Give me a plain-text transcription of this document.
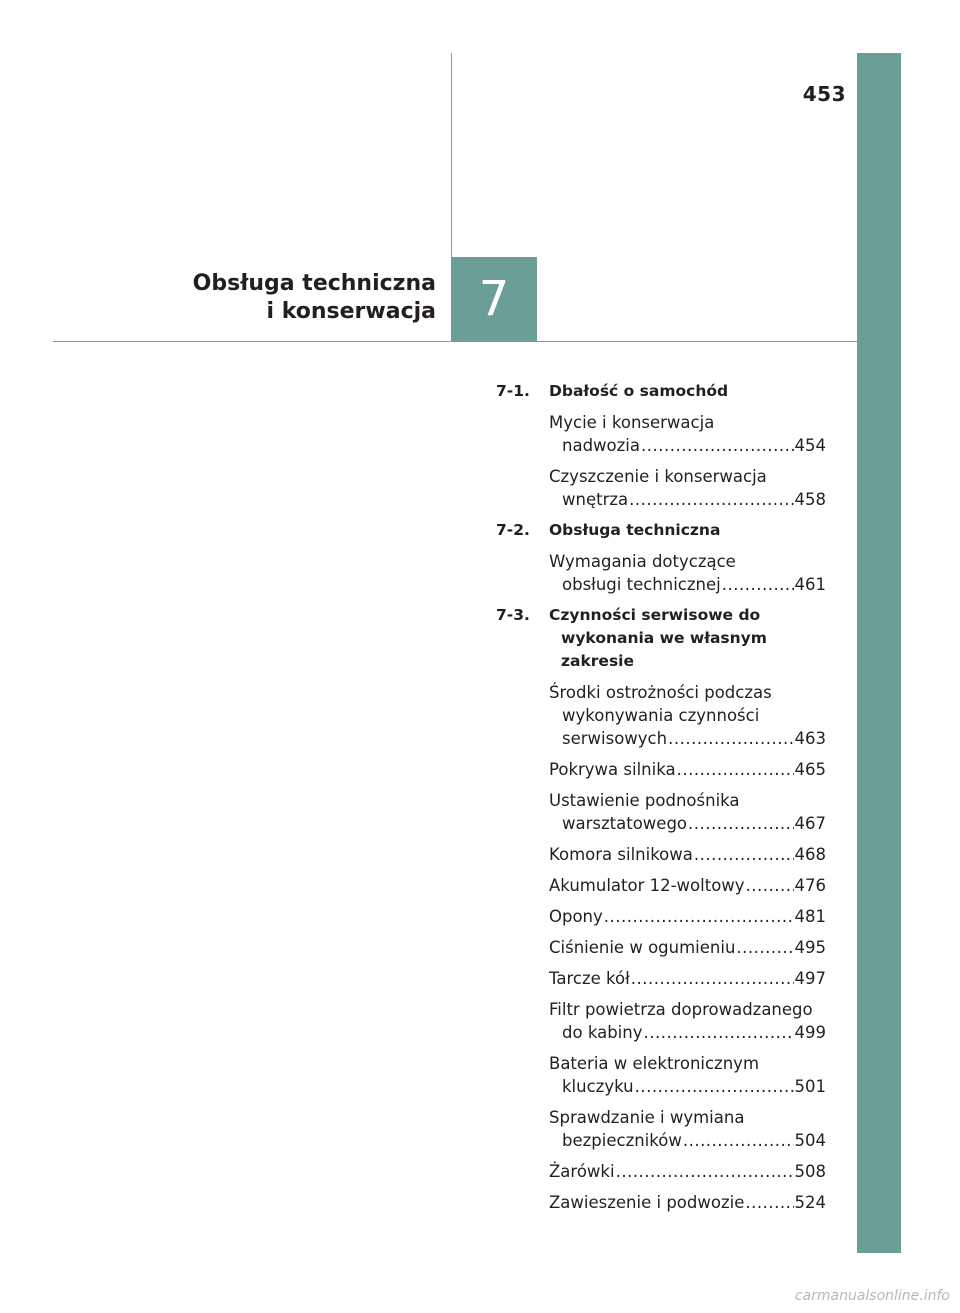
453
7
Obsługa techniczna
i konserwacja
7-1.	Dbałość o samochód
Mycie i konserwacja
nadwozia .....	454
Czyszczenie i konserwacja
wnętrza .....	458
7-2.	Obsługa techniczna
Wymagania dotyczące
obsługi technicznej .....	461
7-3.	Czynności serwisowe do
wykonania we własnym zakresie
Środki ostrożności podczas
wykonywania czynności
serwisowych .....	463
Pokrywa silnika .....	465
Ustawienie podnośnika
warsztatowego .....	467
Komora silnikowa .....	468
Akumulator 12-woltowy .....	476
Opony .....	481
Ciśnienie w ogumieniu .....	495
Tarcze kół .....	497
Filtr powietrza doprowadzanego
do kabiny .....	499
Bateria w elektronicznym
kluczyku .....	501
Sprawdzanie i wymiana
bezpieczników .....	504
Żarówki .....	508
Zawieszenie i podwozie .....	524
carmanualsonline.info
